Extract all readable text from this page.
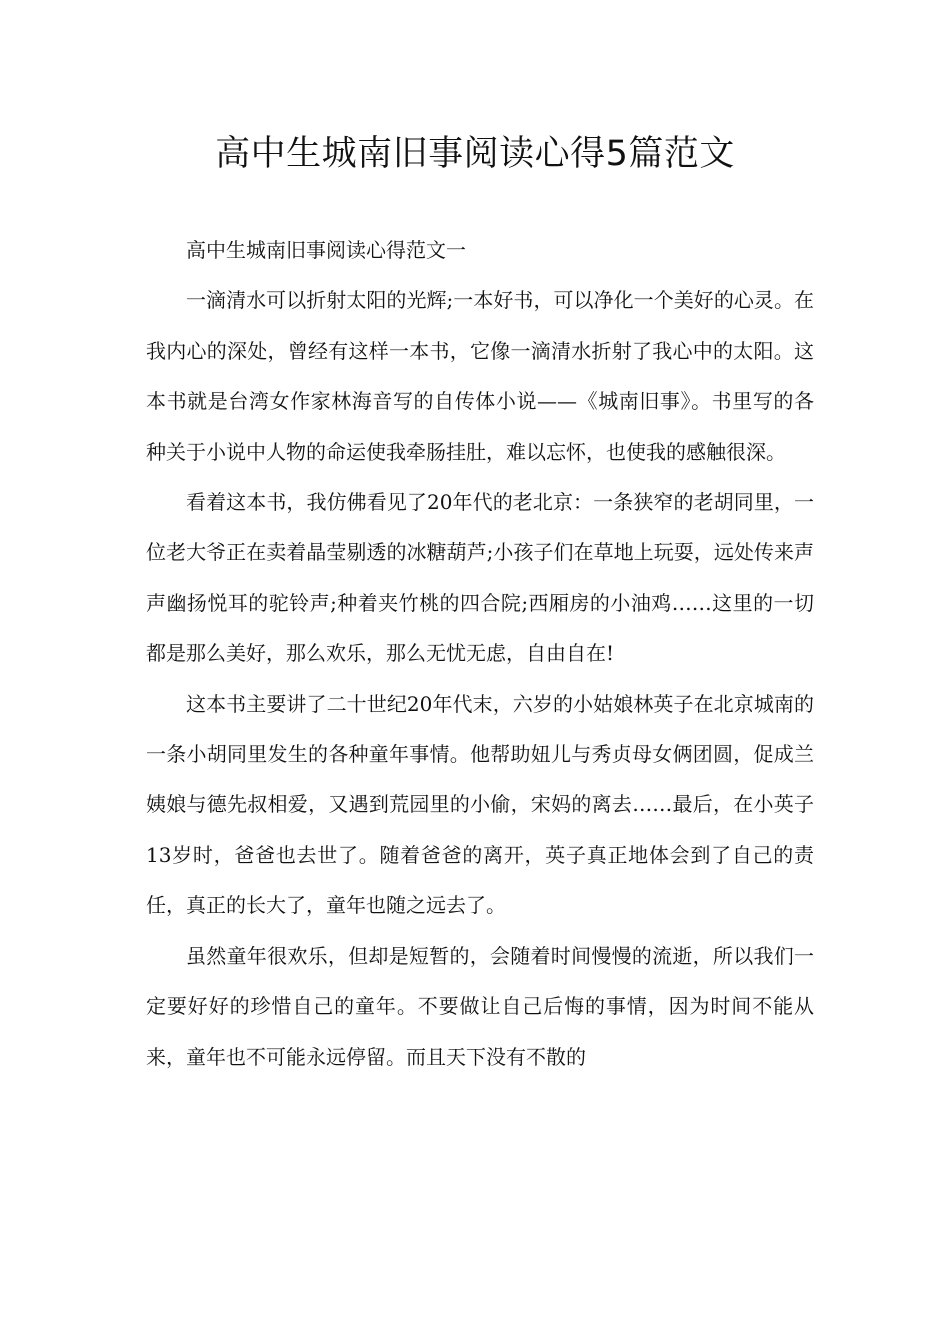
高中生城南旧事阅读心得5篇范文

高中生城南旧事阅读心得范文一

一滴清水可以折射太阳的光辉;一本好书，可以净化一个美好的心灵。在我内心的深处，曾经有这样一本书，它像一滴清水折射了我心中的太阳。这本书就是台湾女作家林海音写的自传体小说——《城南旧事》。书里写的各种关于小说中人物的命运使我牵肠挂肚，难以忘怀，也使我的感触很深。

看着这本书，我仿佛看见了20年代的老北京：一条狭窄的老胡同里，一位老大爷正在卖着晶莹剔透的冰糖葫芦;小孩子们在草地上玩耍，远处传来声声幽扬悦耳的驼铃声;种着夹竹桃的四合院;西厢房的小油鸡……这里的一切都是那么美好，那么欢乐，那么无忧无虑，自由自在!

这本书主要讲了二十世纪20年代末，六岁的小姑娘林英子在北京城南的一条小胡同里发生的各种童年事情。他帮助妞儿与秀贞母女俩团圆，促成兰姨娘与德先叔相爱，又遇到荒园里的小偷，宋妈的离去……最后，在小英子13岁时，爸爸也去世了。随着爸爸的离开，英子真正地体会到了自己的责任，真正的长大了，童年也随之远去了。

虽然童年很欢乐，但却是短暂的，会随着时间慢慢的流逝，所以我们一定要好好的珍惜自己的童年。不要做让自己后悔的事情，因为时间不能从来，童年也不可能永远停留。而且天下没有不散的
